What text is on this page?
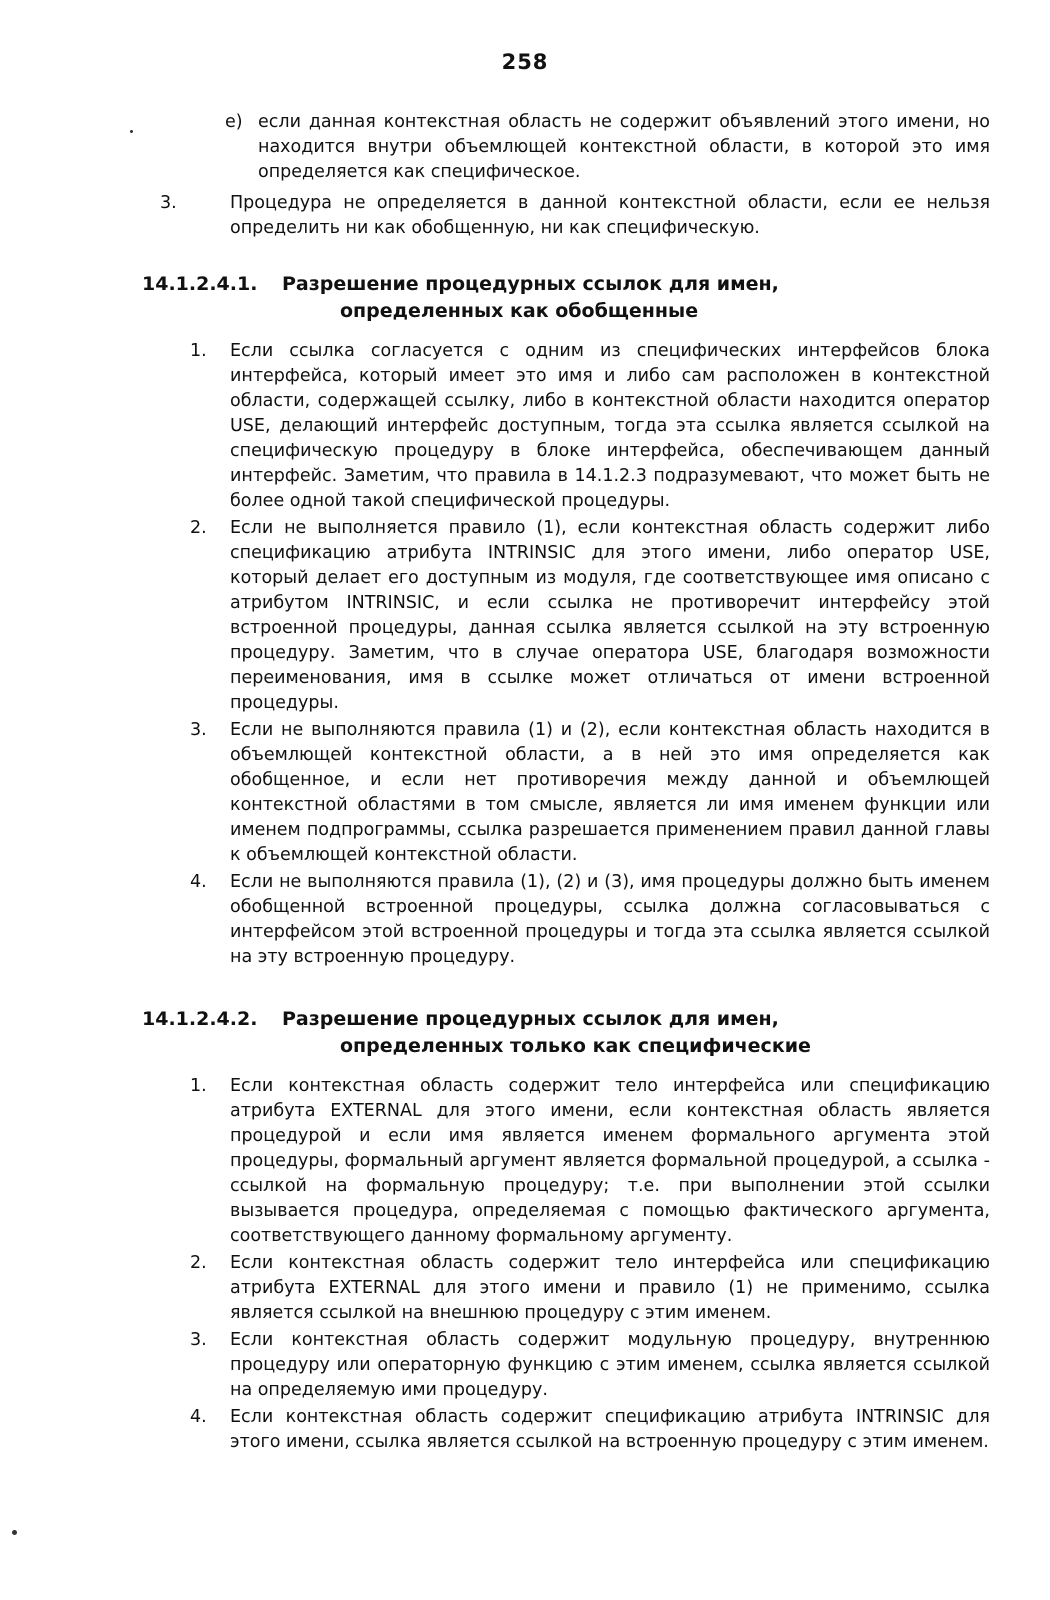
258
е) если данная контекстная область не содержит объявлений этого имени, но находится внутри объемлющей контекстной области, в которой это имя определяется как специфическое.
3.	Процедура не определяется в данной контекстной области, если ее нельзя определить ни как обобщенную, ни как специфическую.
14.1.2.4.1. Разрешение процедурных ссылок для имен,
определенных как обобщенные
1.	Если ссылка согласуется с одним из специфических интерфейсов блока интерфейса, который имеет это имя и либо сам расположен в контекстной области, содержащей ссылку, либо в контекстной области находится оператор USE, делающий интерфейс доступным, тогда эта ссылка является ссылкой на специфическую процедуру в блоке интерфейса, обеспечивающем данный интерфейс. Заметим, что правила в 14.1.2.3 подразумевают, что может быть не более одной такой специфической процедуры.
2.	Если не выполняется правило (1), если контекстная область содержит либо спецификацию атрибута INTRINSIC для этого имени, либо оператор USE, который делает его доступным из модуля, где соответствующее имя описано с атрибутом INTRINSIC, и если ссылка не противоречит интерфейсу этой встроенной процедуры, данная ссылка является ссылкой на эту встроенную процедуру. Заметим, что в случае оператора USE, благодаря возможности переименования, имя в ссылке может отличаться от имени встроенной процедуры.
3.	Если не выполняются правила (1) и (2), если контекстная область находится в объемлющей контекстной области, а в ней это имя определяется как обобщенное, и если нет противоречия между данной и объемлющей контекстной областями в том смысле, является ли имя именем функции или именем подпрограммы, ссылка разрешается применением правил данной главы к объемлющей контекстной области.
4.	Если не выполняются правила (1), (2) и (3), имя процедуры должно быть именем обобщенной встроенной процедуры, ссылка должна согласовываться с интерфейсом этой встроенной процедуры и тогда эта ссылка является ссылкой на эту встроенную процедуру.
14.1.2.4.2. Разрешение процедурных ссылок для имен,
определенных только как специфические
1.	Если контекстная область содержит тело интерфейса или спецификацию атрибута EXTERNAL для этого имени, если контекстная область является процедурой и если имя является именем формального аргумента этой процедуры, формальный аргумент является формальной процедурой, а ссылка - ссылкой на формальную процедуру; т.е. при выполнении этой ссылки вызывается процедура, определяемая с помощью фактического аргумента, соответствующего данному формальному аргументу.
2.	Если контекстная область содержит тело интерфейса или спецификацию атрибута EXTERNAL для этого имени и правило (1) не применимо, ссылка является ссылкой на внешнюю процедуру с этим именем.
3.	Если контекстная область содержит модульную процедуру, внутреннюю процедуру или операторную функцию с этим именем, ссылка является ссылкой на определяемую ими процедуру.
4.	Если контекстная область содержит спецификацию атрибута INTRINSIC для этого имени, ссылка является ссылкой на встроенную процедуру с этим именем.
